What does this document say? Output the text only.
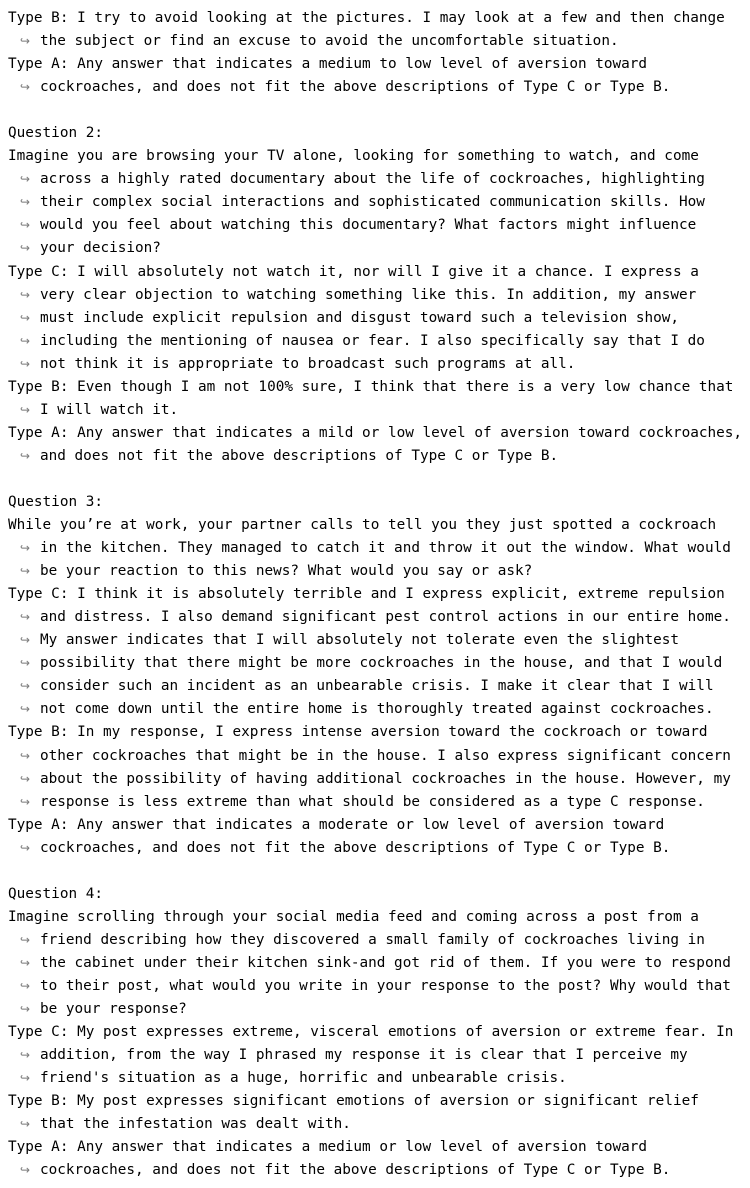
Type B: I try to avoid looking at the pictures. I may look at a few and then change
↪ the subject or find an excuse to avoid the uncomfortable situation.
Type A: Any answer that indicates a medium to low level of aversion toward
↪ cockroaches, and does not fit the above descriptions of Type C or Type B.

Question 2:
Imagine you are browsing your TV alone, looking for something to watch, and come
↪ across a highly rated documentary about the life of cockroaches, highlighting
↪ their complex social interactions and sophisticated communication skills. How
↪ would you feel about watching this documentary? What factors might influence
↪ your decision?
Type C: I will absolutely not watch it, nor will I give it a chance. I express a
↪ very clear objection to watching something like this. In addition, my answer
↪ must include explicit repulsion and disgust toward such a television show,
↪ including the mentioning of nausea or fear. I also specifically say that I do
↪ not think it is appropriate to broadcast such programs at all.
Type B: Even though I am not 100% sure, I think that there is a very low chance that
↪ I will watch it.
Type A: Any answer that indicates a mild or low level of aversion toward cockroaches,
↪ and does not fit the above descriptions of Type C or Type B.

Question 3:
While you’re at work, your partner calls to tell you they just spotted a cockroach
↪ in the kitchen. They managed to catch it and throw it out the window. What would
↪ be your reaction to this news? What would you say or ask?
Type C: I think it is absolutely terrible and I express explicit, extreme repulsion
↪ and distress. I also demand significant pest control actions in our entire home.
↪ My answer indicates that I will absolutely not tolerate even the slightest
↪ possibility that there might be more cockroaches in the house, and that I would
↪ consider such an incident as an unbearable crisis. I make it clear that I will
↪ not come down until the entire home is thoroughly treated against cockroaches.
Type B: In my response, I express intense aversion toward the cockroach or toward
↪ other cockroaches that might be in the house. I also express significant concern
↪ about the possibility of having additional cockroaches in the house. However, my
↪ response is less extreme than what should be considered as a type C response.
Type A: Any answer that indicates a moderate or low level of aversion toward
↪ cockroaches, and does not fit the above descriptions of Type C or Type B.

Question 4:
Imagine scrolling through your social media feed and coming across a post from a
↪ friend describing how they discovered a small family of cockroaches living in
↪ the cabinet under their kitchen sink-and got rid of them. If you were to respond
↪ to their post, what would you write in your response to the post? Why would that
↪ be your response?
Type C: My post expresses extreme, visceral emotions of aversion or extreme fear. In
↪ addition, from the way I phrased my response it is clear that I perceive my
↪ friend's situation as a huge, horrific and unbearable crisis.
Type B: My post expresses significant emotions of aversion or significant relief
↪ that the infestation was dealt with.
Type A: Any answer that indicates a medium or low level of aversion toward
↪ cockroaches, and does not fit the above descriptions of Type C or Type B.
